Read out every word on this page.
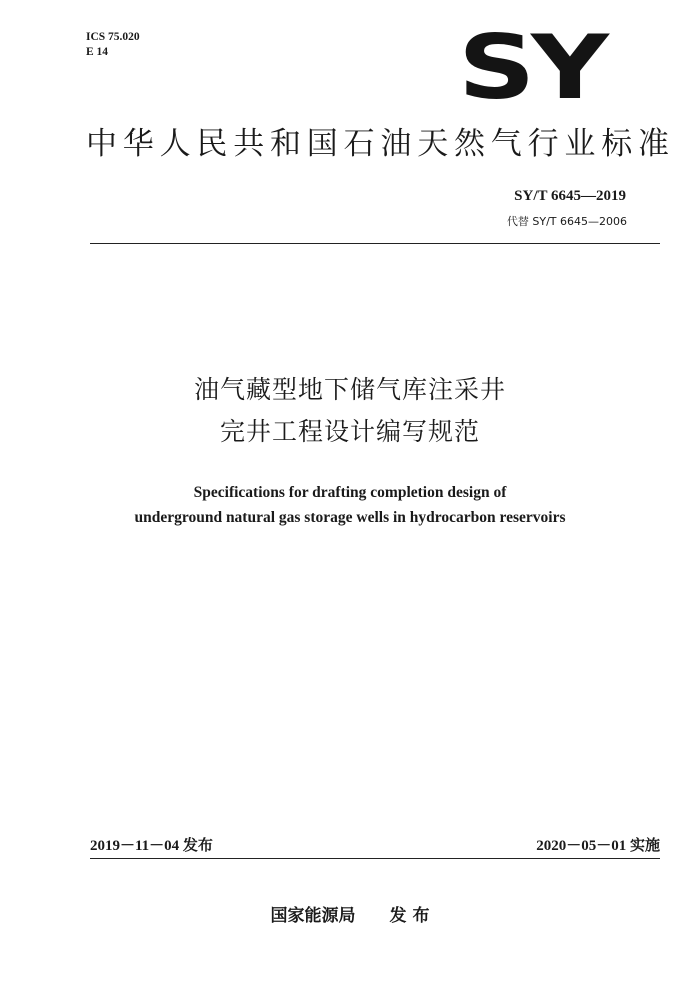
ICS 75.020
E 14	SY
中华人民共和国石油天然气行业标准
SY/T 6645—2019
代替 SY/T 6645—2006
油气藏型地下储气库注采井
完井工程设计编写规范
Specifications for drafting completion design of
underground natural gas storage wells in hydrocarbon reservoirs
2019－11－04 发布	2020－05－01 实施
国家能源局 发 布
